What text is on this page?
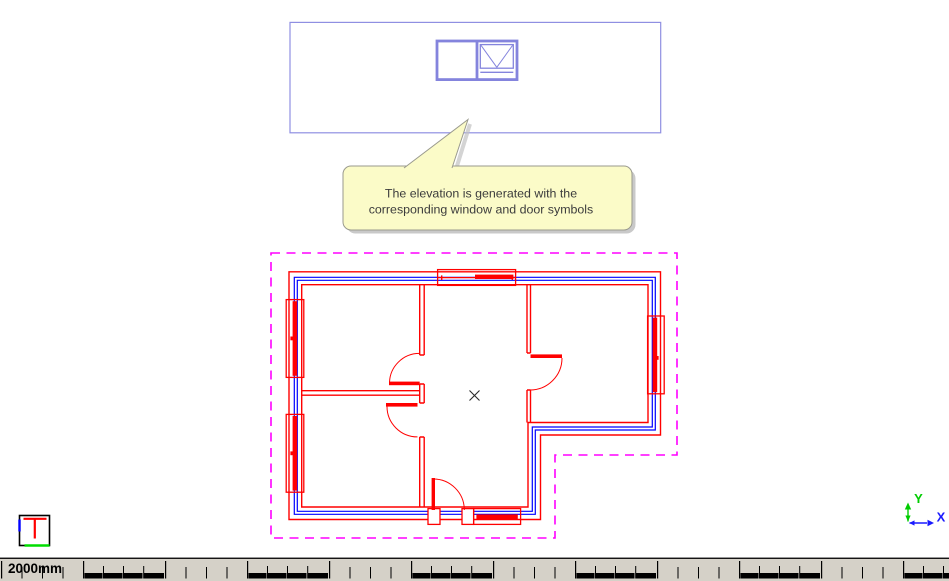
The elevation is generated with the
corresponding window and door symbols
Y
X
2000mm
